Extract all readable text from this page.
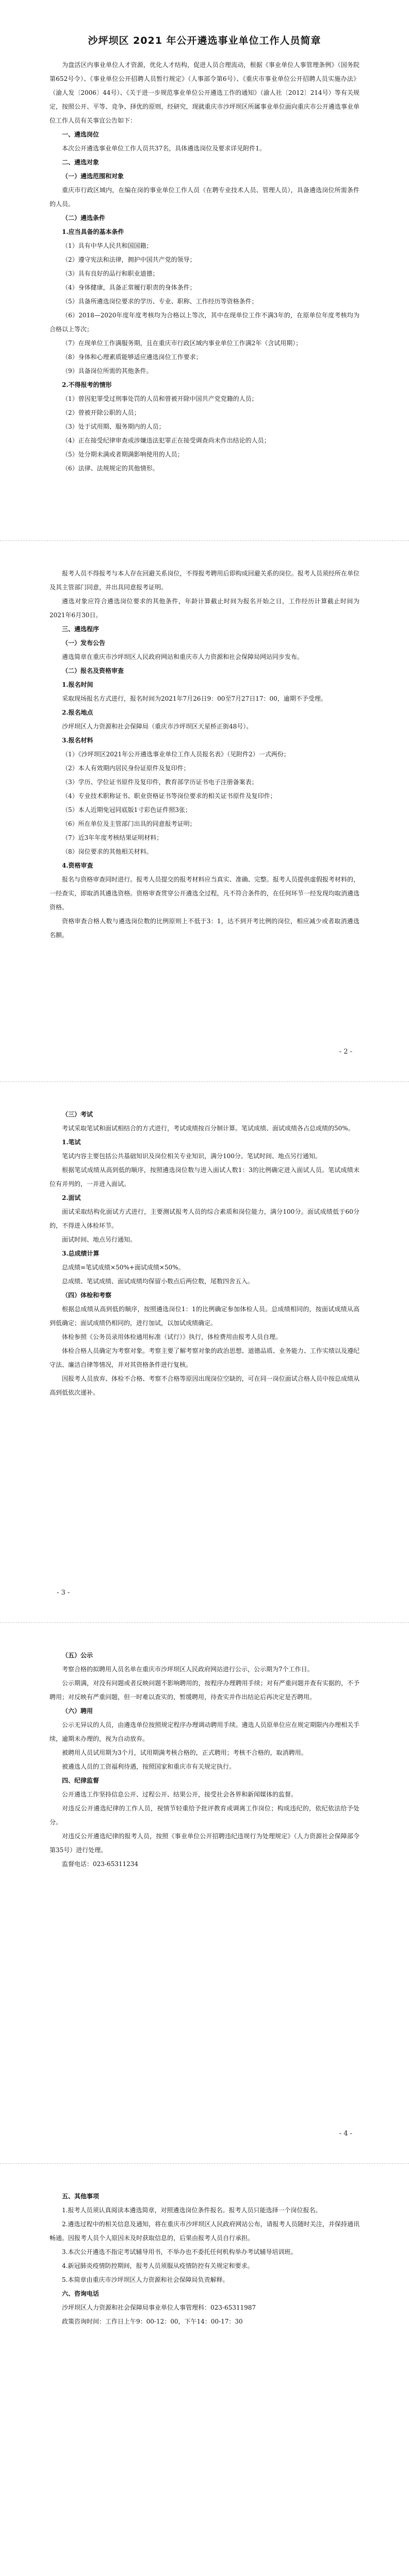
沙坪坝区 2021 年公开遴选事业单位工作人员简章

为盘活区内事业单位人才资源，优化人才结构，促进人员合理流动，根据《事业单位人事管理条例》（国务院第652号令）、《事业单位公开招聘人员暂行规定》（人事部令第6号）、《重庆市事业单位公开招聘人员实施办法》（渝人发〔2006〕44号）、《关于进一步规范事业单位公开遴选工作的通知》（渝人社〔2012〕214号）等有关规定，按照公开、平等、竞争、择优的原则，经研究，现就重庆市沙坪坝区所属事业单位面向重庆市公开遴选事业单位工作人员有关事宜公告如下：

一、遴选岗位

本次公开遴选事业单位工作人员共37名，具体遴选岗位及要求详见附件1。

二、遴选对象

（一）遴选范围和对象

重庆市行政区域内，在编在岗的事业单位工作人员（在聘专业技术人员、管理人员），具备遴选岗位所需条件的人员。

（二）遴选条件

1.应当具备的基本条件

（1）具有中华人民共和国国籍；

（2）遵守宪法和法律，拥护中国共产党的领导；

（3）具有良好的品行和职业道德；

（4）身体健康，具备正常履行职责的身体条件；

（5）具备所遴选岗位要求的学历、专业、职称、工作经历等资格条件；

（6）2018—2020年度年度考核均为合格以上等次，其中在现单位工作不满3年的，在原单位年度考核均为合格以上等次；

（7）在现单位工作满服务期，且在重庆市行政区域内事业单位工作满2年（含试用期）；

（8）身体和心理素质能够适应遴选岗位工作要求；

（9）具备岗位所需的其他条件。

2.不得报考的情形

（1）曾因犯罪受过刑事处罚的人员和曾被开除中国共产党党籍的人员；

（2）曾被开除公职的人员；

（3）处于试用期、服务期内的人员；

（4）正在接受纪律审查或涉嫌违法犯罪正在接受调查尚未作出结论的人员；

（5）处分期未满或者期满影响使用的人员；

（6）法律、法规规定的其他情形。

报考人员不得报考与本人存在回避关系岗位，不得报考聘用后即构成回避关系的岗位。报考人员须经所在单位及其主管部门同意，并出具同意报考证明。

遴选对象应符合遴选岗位要求的其他条件，年龄计算截止时间为报名开始之日，工作经历计算截止时间为2021年6月30日。

三、遴选程序

（一）发布公告

遴选简章在重庆市沙坪坝区人民政府网站和重庆市人力资源和社会保障局网站同步发布。

（二）报名及资格审查

1.报名时间

采取现场报名方式进行，报名时间为2021年7月26日9：00至7月27日17：00，逾期不予受理。

2.报名地点

沙坪坝区人力资源和社会保障局（重庆市沙坪坝区天星桥正街48号）。

3.报名材料

（1）《沙坪坝区2021年公开遴选事业单位工作人员报名表》（见附件2）一式两份；

（2）本人有效期内居民身份证原件及复印件；

（3）学历、学位证书原件及复印件，教育部学历证书电子注册备案表；

（4）专业技术职称证书、职业资格证书等岗位要求的相关证书原件及复印件；

（5）本人近期免冠同底版1寸彩色证件照3张；

（6）所在单位及主管部门出具的同意报考证明；

（7）近3年年度考核结果证明材料；

（8）岗位要求的其他相关材料。

4.资格审查

报名与资格审查同时进行。报考人员提交的报考材料应当真实、准确、完整。报考人员提供虚假报考材料的，一经查实，即取消其遴选资格。资格审查贯穿公开遴选全过程，凡不符合条件的，在任何环节一经发现均取消遴选资格。

资格审查合格人数与遴选岗位数的比例原则上不低于3：1，达不到开考比例的岗位，相应减少或者取消遴选名额。

- 2 -

（三）考试

考试采取笔试和面试相结合的方式进行，考试成绩按百分制计算。笔试成绩、面试成绩各占总成绩的50%。

1.笔试

笔试内容主要包括公共基础知识及岗位相关专业知识，满分100分。笔试时间、地点另行通知。

根据笔试成绩从高到低的顺序，按照遴选岗位数与进入面试人数1：3的比例确定进入面试人员。笔试成绩末位有并列的，一并进入面试。

2.面试

面试采取结构化面试方式进行，主要测试报考人员的综合素质和岗位能力，满分100分。面试成绩低于60分的，不得进入体检环节。

面试时间、地点另行通知。

3.总成绩计算

总成绩=笔试成绩×50%+面试成绩×50%。

总成绩、笔试成绩、面试成绩均保留小数点后两位数，尾数四舍五入。

（四）体检和考察

根据总成绩从高到低的顺序，按照遴选岗位1：1的比例确定参加体检人员。总成绩相同的，按面试成绩从高到低确定；面试成绩仍相同的，进行加试，以加试成绩确定。

体检参照《公务员录用体检通用标准（试行）》执行，体检费用由报考人员自理。

体检合格人员确定为考察对象。考察主要了解考察对象的政治思想、道德品质、业务能力、工作实绩以及遵纪守法、廉洁自律等情况，并对其资格条件进行复核。

因报考人员放弃、体检不合格、考察不合格等原因出现岗位空缺的，可在同一岗位面试合格人员中按总成绩从高到低依次递补。

- 3 -

（五）公示

考察合格的拟聘用人员名单在重庆市沙坪坝区人民政府网站进行公示，公示期为7个工作日。

公示期满，对没有问题或者反映问题不影响聘用的，按程序办理聘用手续；对有严重问题并查有实据的，不予聘用；对反映有严重问题，但一时难以查实的，暂缓聘用，待查实并作出结论后再决定是否聘用。

（六）聘用

公示无异议的人员，由遴选单位按照规定程序办理调动聘用手续。遴选人员原单位应在规定期限内办理相关手续，逾期未办理的，视为自动放弃。

被聘用人员试用期为3个月，试用期满考核合格的，正式聘用；考核不合格的，取消聘用。

被遴选人员的工资福利待遇，按照国家和重庆市有关规定执行。

四、纪律监督

公开遴选工作坚持信息公开、过程公开、结果公开，接受社会各界和新闻媒体的监督。

对违反公开遴选纪律的工作人员，视情节轻重给予批评教育或调离工作岗位；构成违纪的，依纪依法给予处分。

对违反公开遴选纪律的报考人员，按照《事业单位公开招聘违纪违规行为处理规定》（人力资源社会保障部令第35号）进行处理。

监督电话：023-65311234

- 4 -

五、其他事项

1.报考人员须认真阅读本遴选简章，对照遴选岗位条件报名。报考人员只能选择一个岗位报名。

2.遴选过程中的相关信息及通知，将在重庆市沙坪坝区人民政府网站公布，请报考人员随时关注，并保持通讯畅通。因报考人员个人原因未及时获取信息的，后果由报考人员自行承担。

3.本次公开遴选不指定考试辅导用书，不举办也不委托任何机构举办考试辅导培训班。

4.新冠肺炎疫情防控期间，报考人员须服从疫情防控有关规定和要求。

5.本简章由重庆市沙坪坝区人力资源和社会保障局负责解释。

六、咨询电话

沙坪坝区人力资源和社会保障局事业单位人事管理科：023-65311987

政策咨询时间：工作日上午9：00-12：00，下午14：00-17：30
